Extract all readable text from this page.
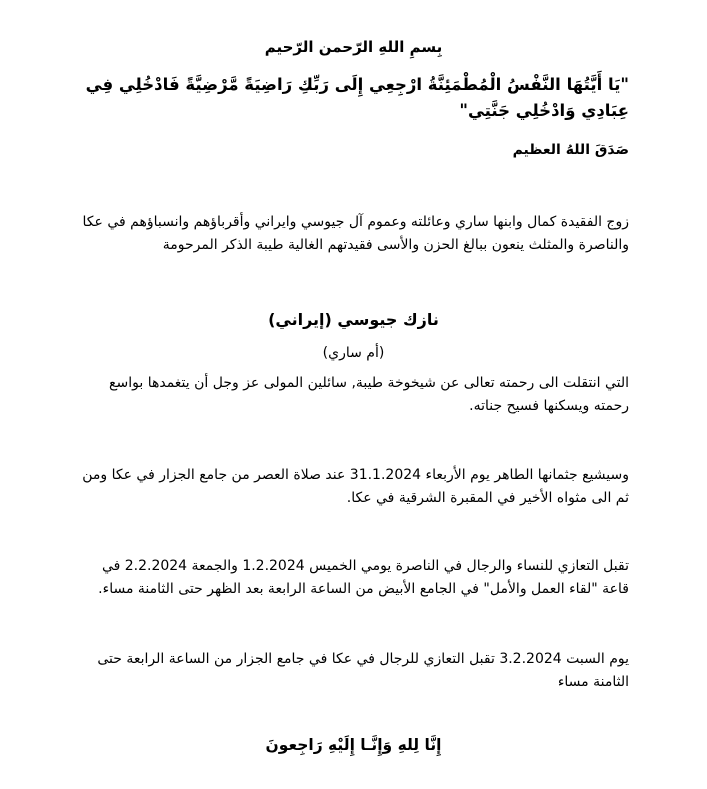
بِسمِ اللهِ الرّحمن الرّحيم

"يَا أَيَّتُهَا النَّفْسُ الْمُطْمَئِنَّةُ ارْجِعِي إِلَى رَبِّكِ رَاضِيَةً مَّرْضِيَّةً فَادْخُلِي فِي عِبَادِي وَادْخُلِي جَنَّتِي"

صَدَقَ اللهُ العظيم

زوج الفقيدة كمال وابنها ساري وعائلته وعموم آل جيوسي وايراني وأقرباؤهم وانسباؤهم في عكا والناصرة والمثلث ينعون ببالغ الحزن والأسى فقيدتهم الغالية طيبة الذكر المرحومة

نازك جيوسي (إيراني)

(أم ساري)

التي انتقلت الى رحمته تعالى عن شيخوخة طيبة, سائلين المولى عز وجل أن يتغمدها بواسع رحمته ويسكنها فسيح جناته.

وسيشيع جثمانها الطاهر يوم الأربعاء 31.1.2024 عند صلاة العصر من جامع الجزار في عكا ومن ثم الى مثواه الأخير في المقبرة الشرقية في عكا.

تقبل التعازي للنساء والرجال في الناصرة يومي الخميس 1.2.2024 والجمعة 2.2.2024 في قاعة "لقاء العمل والأمل" في الجامع الأبيض من الساعة الرابعة بعد الظهر حتى الثامنة مساء.

يوم السبت 3.2.2024 تقبل التعازي للرجال في عكا في جامع الجزار من الساعة الرابعة حتى الثامنة مساء

إِنَّا لِلهِ وَإِنَّـا إِلَيْهِ رَاجِعونَ
